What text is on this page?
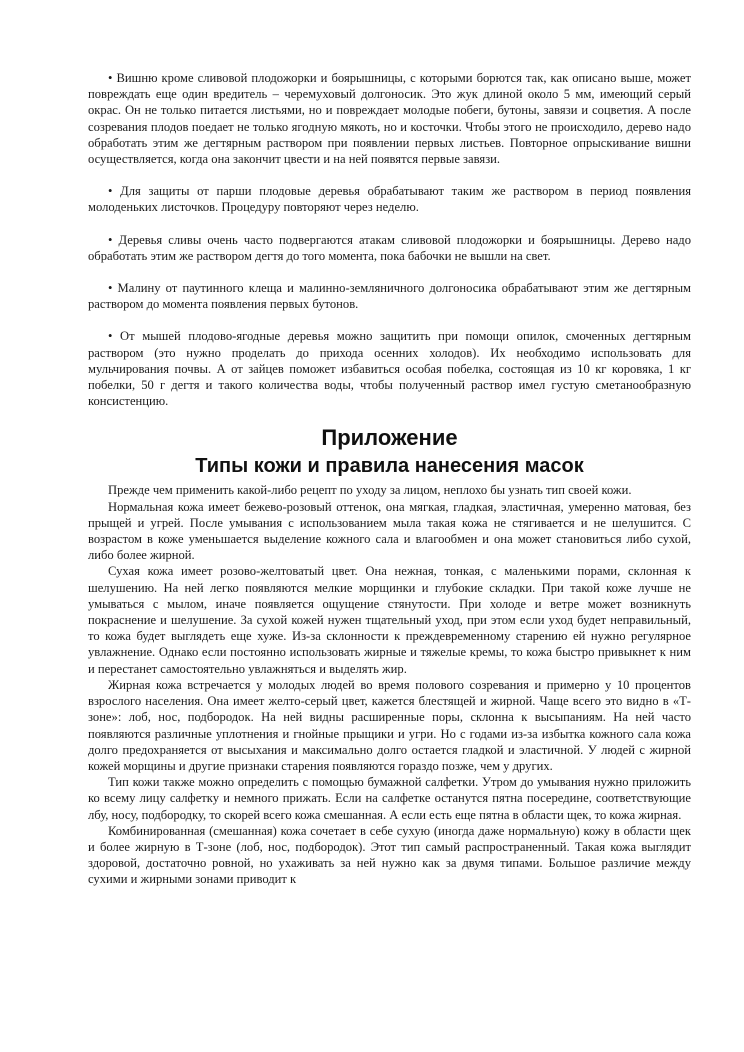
• Вишню кроме сливовой плодожорки и боярышницы, с которыми борются так, как описано выше, может повреждать еще один вредитель – черемуховый долгоносик. Это жук длиной около 5 мм, имеющий серый окрас. Он не только питается листьями, но и повреждает молодые побеги, бутоны, завязи и соцветия. А после созревания плодов поедает не только ягодную мякоть, но и косточки. Чтобы этого не происходило, дерево надо обработать этим же дегтярным раствором при появлении первых листьев. Повторное опрыскивание вишни осуществляется, когда она закончит цвести и на ней появятся первые завязи.

• Для защиты от парши плодовые деревья обрабатывают таким же раствором в период появления молоденьких листочков. Процедуру повторяют через неделю.

• Деревья сливы очень часто подвергаются атакам сливовой плодожорки и боярышницы. Дерево надо обработать этим же раствором дегтя до того момента, пока бабочки не вышли на свет.

• Малину от паутинного клеща и малинно-земляничного долгоносика обрабатывают этим же дегтярным раствором до момента появления первых бутонов.

• От мышей плодово-ягодные деревья можно защитить при помощи опилок, смоченных дегтярным раствором (это нужно проделать до прихода осенних холодов). Их необходимо использовать для мульчирования почвы. А от зайцев поможет избавиться особая побелка, состоящая из 10 кг коровяка, 1 кг побелки, 50 г дегтя и такого количества воды, чтобы полученный раствор имел густую сметанообразную консистенцию.

Приложение
Типы кожи и правила нанесения масок

Прежде чем применить какой-либо рецепт по уходу за лицом, неплохо бы узнать тип своей кожи.

Нормальная кожа имеет бежево-розовый оттенок, она мягкая, гладкая, эластичная, умеренно матовая, без прыщей и угрей. После умывания с использованием мыла такая кожа не стягивается и не шелушится. С возрастом в коже уменьшается выделение кожного сала и влагообмен и она может становиться либо сухой, либо более жирной.

Сухая кожа имеет розово-желтоватый цвет. Она нежная, тонкая, с маленькими порами, склонная к шелушению. На ней легко появляются мелкие морщинки и глубокие складки. При такой коже лучше не умываться с мылом, иначе появляется ощущение стянутости. При холоде и ветре может возникнуть покраснение и шелушение. За сухой кожей нужен тщательный уход, при этом если уход будет неправильный, то кожа будет выглядеть еще хуже. Из-за склонности к преждевременному старению ей нужно регулярное увлажнение. Однако если постоянно использовать жирные и тяжелые кремы, то кожа быстро привыкнет к ним и перестанет самостоятельно увлажняться и выделять жир.

Жирная кожа встречается у молодых людей во время полового созревания и примерно у 10 процентов взрослого населения. Она имеет желто-серый цвет, кажется блестящей и жирной. Чаще всего это видно в «Т-зоне»: лоб, нос, подбородок. На ней видны расширенные поры, склонна к высыпаниям. На ней часто появляются различные уплотнения и гнойные прыщики и угри. Но с годами из-за избытка кожного сала кожа долго предохраняется от высыхания и максимально долго остается гладкой и эластичной. У людей с жирной кожей морщины и другие признаки старения появляются гораздо позже, чем у других.

Тип кожи также можно определить с помощью бумажной салфетки. Утром до умывания нужно приложить ко всему лицу салфетку и немного прижать. Если на салфетке останутся пятна посередине, соответствующие лбу, носу, подбородку, то скорей всего кожа смешанная. А если есть еще пятна в области щек, то кожа жирная.

Комбинированная (смешанная) кожа сочетает в себе сухую (иногда даже нормальную) кожу в области щек и более жирную в Т-зоне (лоб, нос, подбородок). Этот тип самый распространенный. Такая кожа выглядит здоровой, достаточно ровной, но ухаживать за ней нужно как за двумя типами. Большое различие между сухими и жирными зонами приводит к
